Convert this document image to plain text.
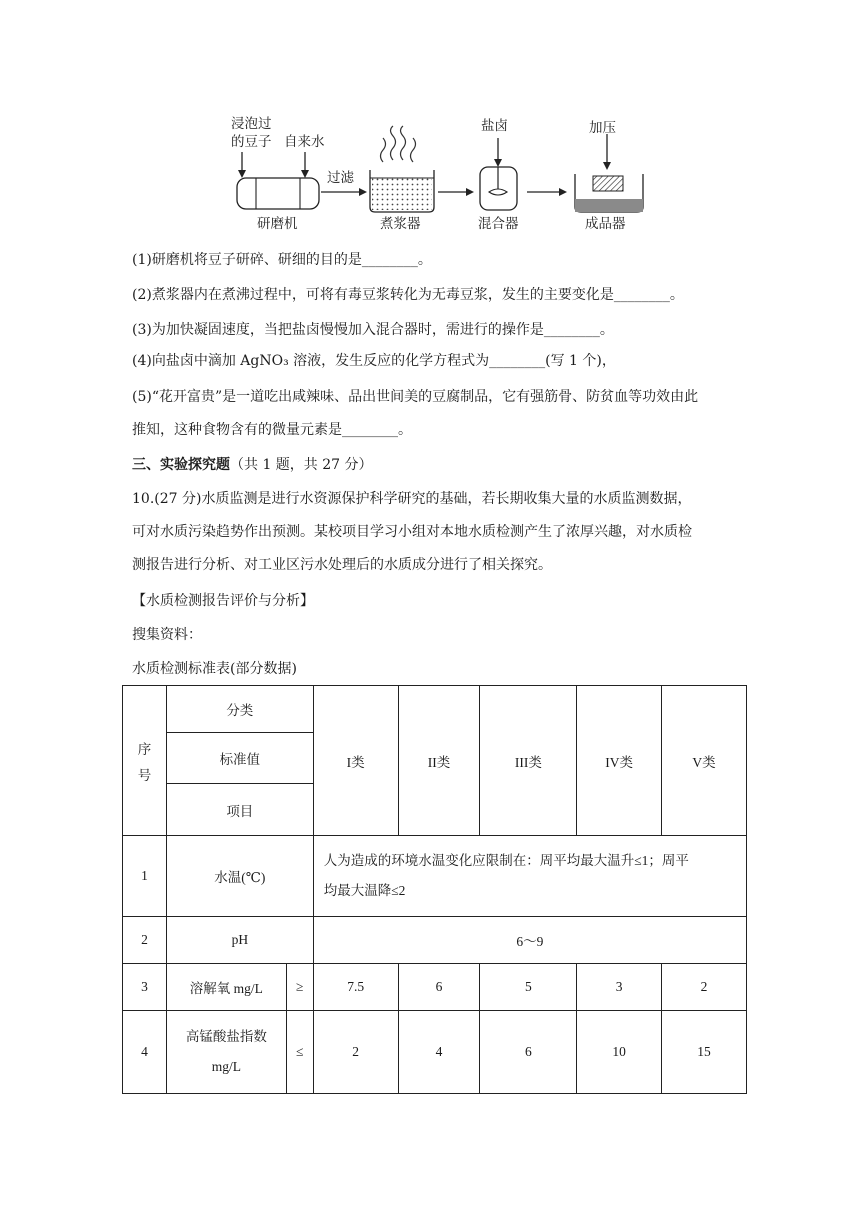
浸泡过
的豆子 自来水
过滤
盐卤	加压
研磨机	煮浆器	混合器	成品器
(1)研磨机将豆子研碎、研细的目的是________。
(2)煮浆器内在煮沸过程中，可将有毒豆浆转化为无毒豆浆，发生的主要变化是________。
(3)为加快凝固速度，当把盐卤慢慢加入混合器时，需进行的操作是________。
(4)向盐卤中滴加 AgNO₃ 溶液，发生反应的化学方程式为________(写 1 个)，
(5)“花开富贵”是一道吃出咸辣味、品出世间美的豆腐制品，它有强筋骨、防贫血等功效由此
推知，这种食物含有的微量元素是________。
三、实验探究题（共 1 题，共 27 分）
10.(27 分)水质监测是进行水资源保护科学研究的基础，若长期收集大量的水质监测数据，
可对水质污染趋势作出预测。某校项目学习小组对本地水质检测产生了浓厚兴趣，对水质检
测报告进行分析、对工业区污水处理后的水质成分进行了相关探究。
【水质检测报告评价与分析】
搜集资料：
水质检测标准表(部分数据)
序
号	分类		I类	II类	III类	IV类	V类
	标准值						
	项目						
1	水温(℃)		人为造成的环境水温变化应限制在：周平均最大温升≤1；周平
均最大温降≤2				

2	pH		6～9				
3	溶解氧 mg/L	≥	7.5	6	5	3	2
4	高锰酸盐指数
mg/L	≤	2	4	6	10	15
